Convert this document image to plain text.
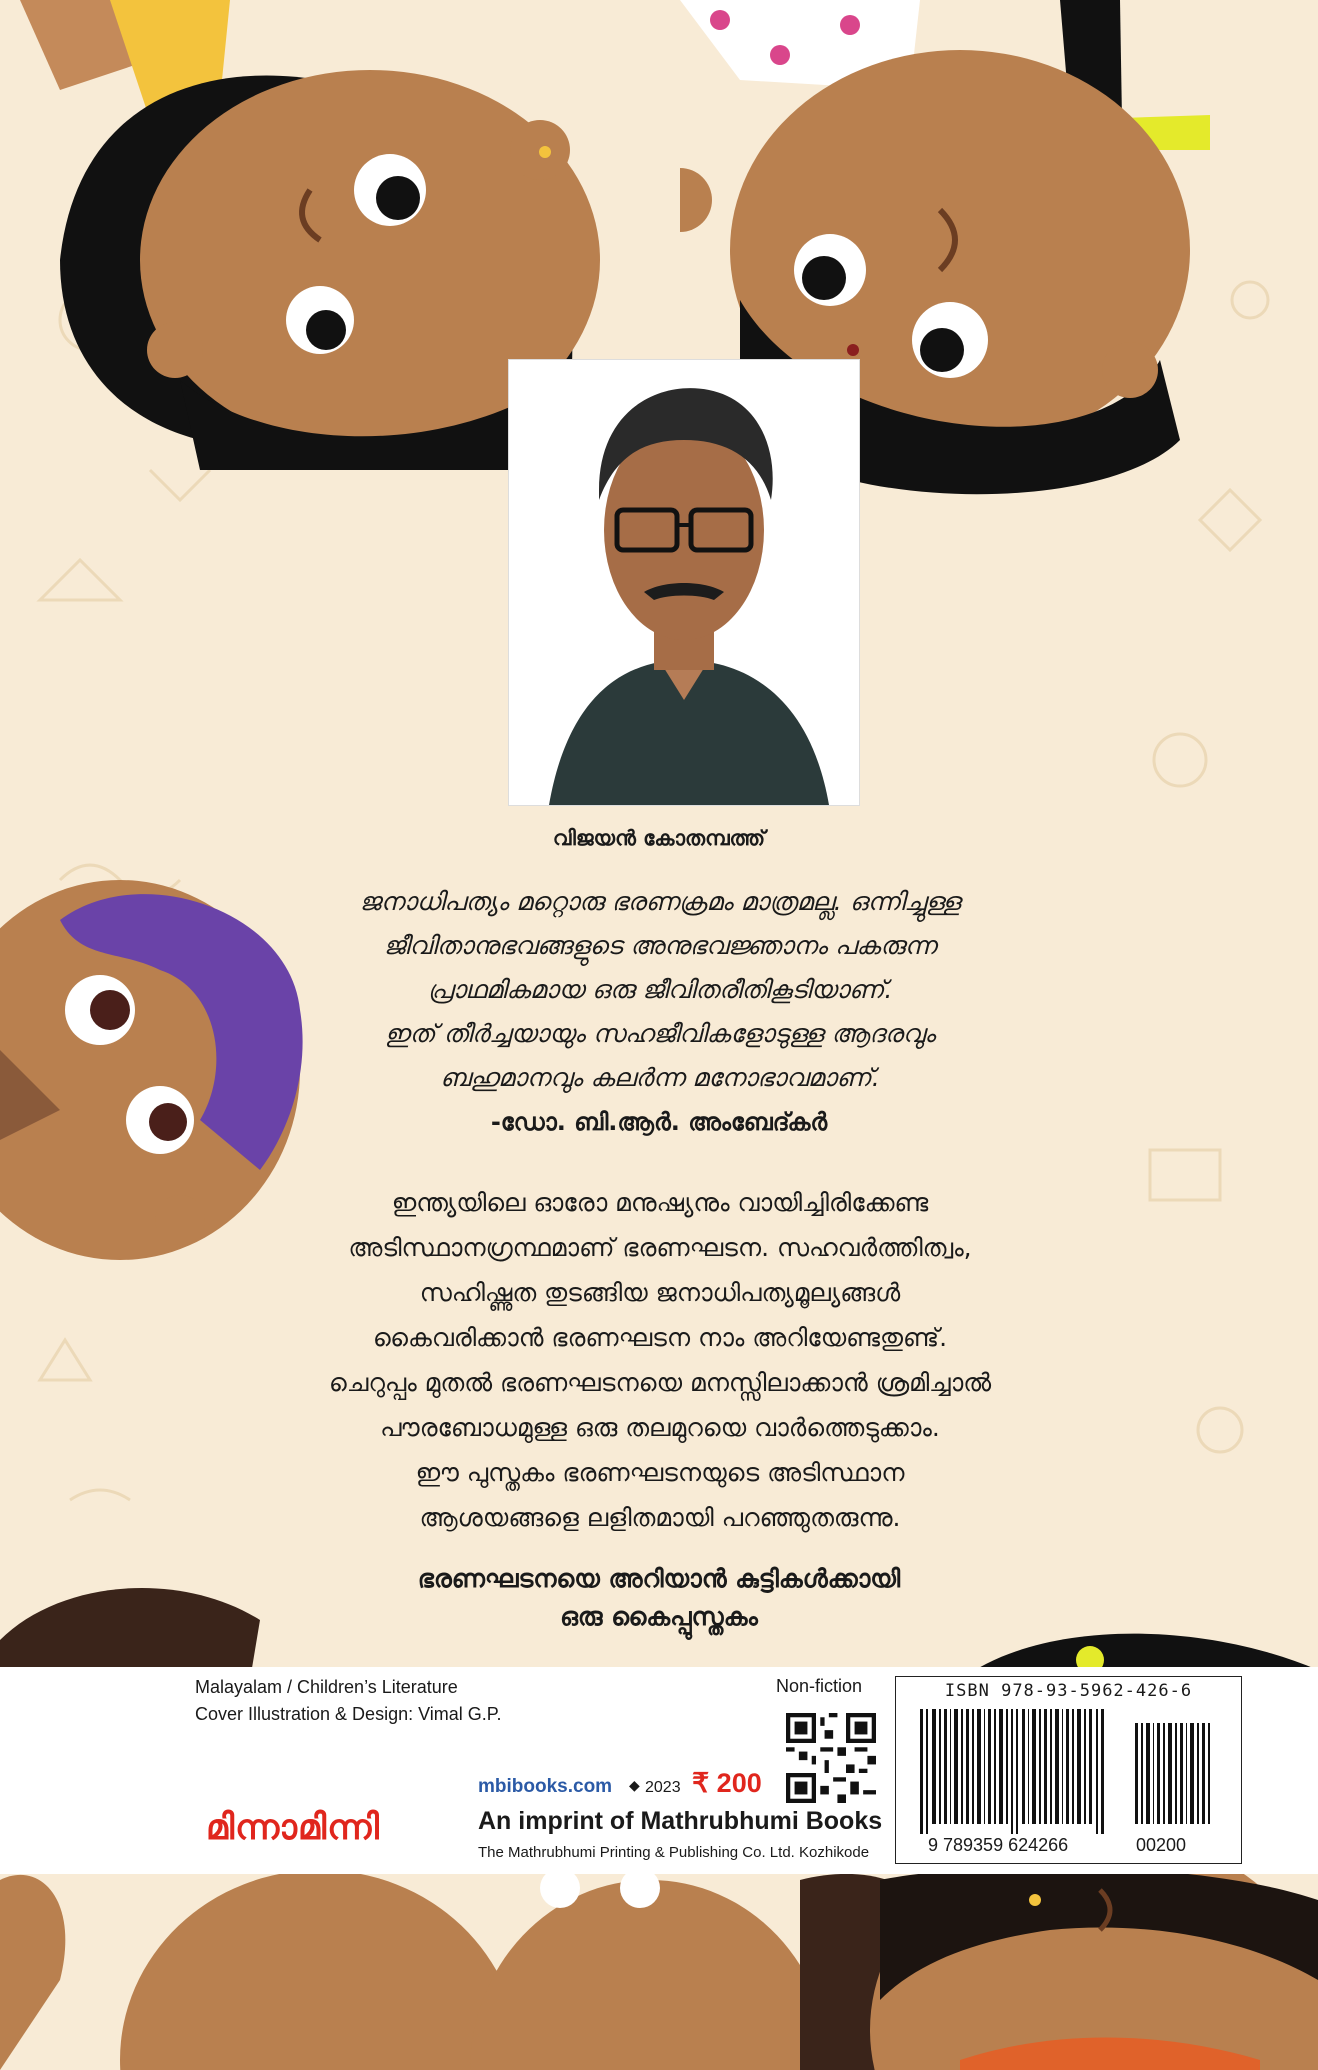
വിജയൻ കോതമ്പത്ത്
ജനാധിപത്യം മറ്റൊരു ഭരണക്രമം മാത്രമല്ല. ഒന്നിച്ചുള്ള
ജീവിതാനുഭവങ്ങളുടെ അനുഭവജ്ഞാനം പകരുന്ന
പ്രാഥമികമായ ഒരു ജീവിതരീതികൂടിയാണ്.
ഇത് തീർച്ചയായും സഹജീവികളോടുള്ള ആദരവും
ബഹുമാനവും കലർന്ന മനോഭാവമാണ്.
-ഡോ. ബി.ആർ. അംബേദ്കർ
ഇന്ത്യയിലെ ഓരോ മനുഷ്യനും വായിച്ചിരിക്കേണ്ട
അടിസ്ഥാനഗ്രന്ഥമാണ് ഭരണഘടന. സഹവർത്തിത്വം,
സഹിഷ്ണുത തുടങ്ങിയ ജനാധിപത്യമൂല്യങ്ങൾ
കൈവരിക്കാൻ ഭരണഘടന നാം അറിയേണ്ടതുണ്ട്.
ചെറുപ്പം മുതൽ ഭരണഘടനയെ മനസ്സിലാക്കാൻ ശ്രമിച്ചാൽ
പൗരബോധമുള്ള ഒരു തലമുറയെ വാർത്തെടുക്കാം.
ഈ പുസ്തകം ഭരണഘടനയുടെ അടിസ്ഥാന
ആശയങ്ങളെ ലളിതമായി പറഞ്ഞുതരുന്നു.
ഭരണഘടനയെ അറിയാൻ കുട്ടികൾക്കായി
ഒരു കൈപ്പുസ്തകം
Malayalam / Children’s Literature
Cover Illustration & Design: Vimal G.P.
Non-fiction
mbibooks.com ◆ 2023 ₹ 200
മിന്നാമിന്നി	An imprint of Mathrubhumi Books
The Mathrubhumi Printing & Publishing Co. Ltd. Kozhikode
ISBN 978-93-5962-426-6
9 789359 624266	00200
